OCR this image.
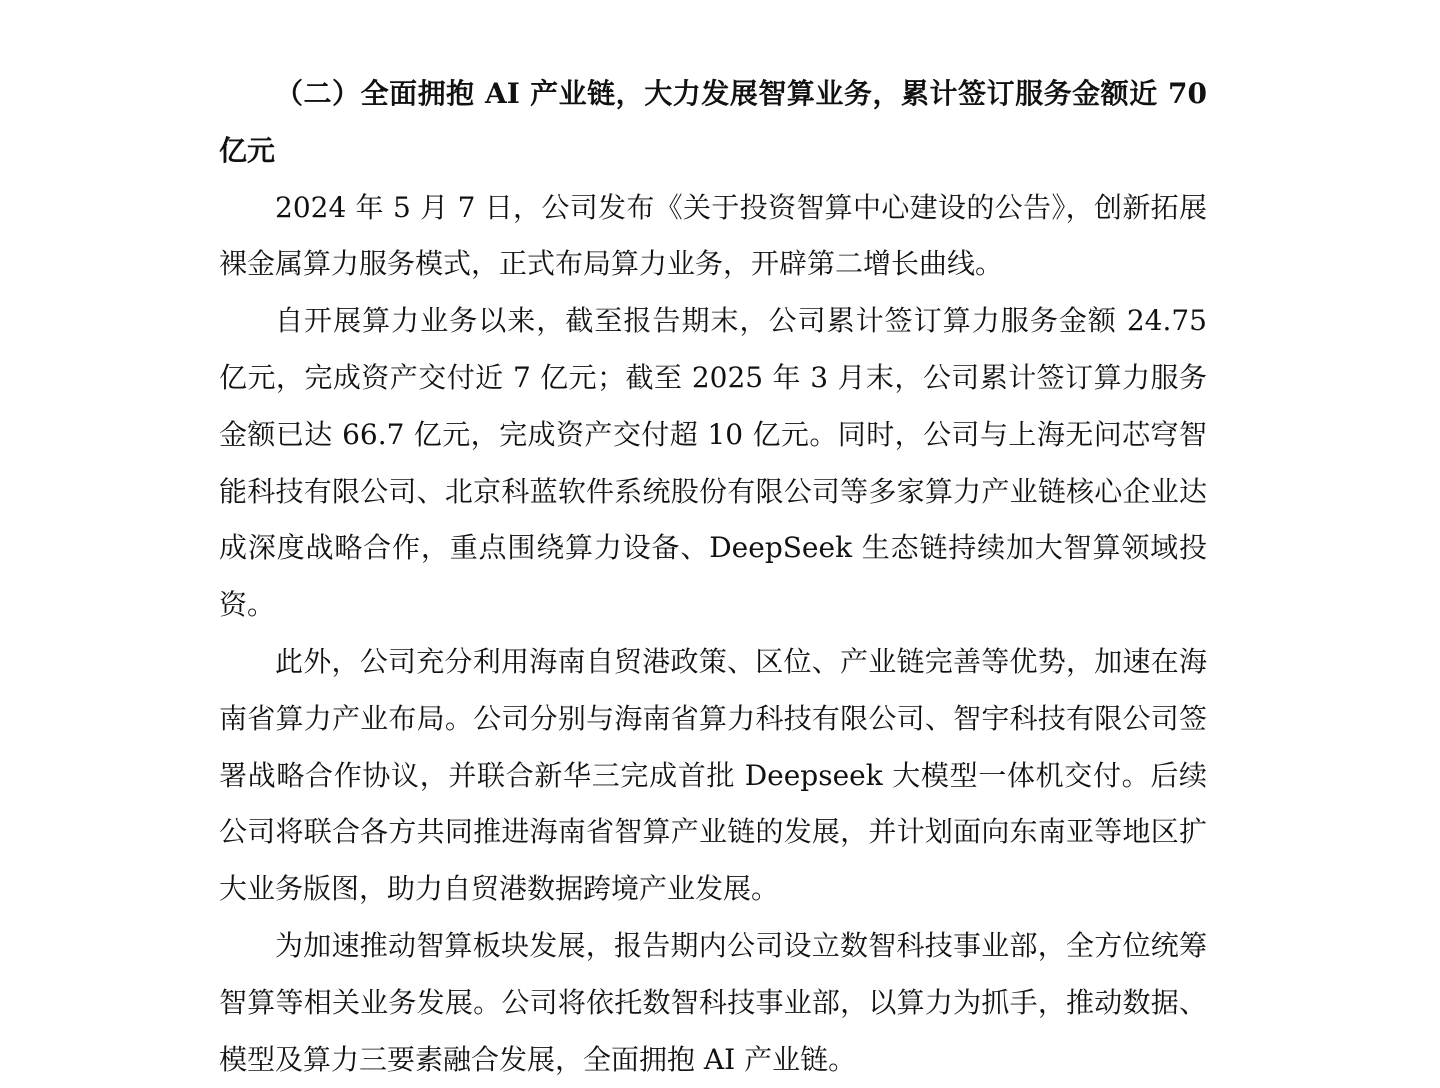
（二）全面拥抱 AI 产业链，大力发展智算业务，累计签订服务金额近 70 亿元

2024 年 5 月 7 日，公司发布《关于投资智算中心建设的公告》，创新拓展裸金属算力服务模式，正式布局算力业务，开辟第二增长曲线。

自开展算力业务以来，截至报告期末，公司累计签订算力服务金额 24.75 亿元，完成资产交付近 7 亿元；截至 2025 年 3 月末，公司累计签订算力服务金额已达 66.7 亿元，完成资产交付超 10 亿元。同时，公司与上海无问芯穹智能科技有限公司、北京科蓝软件系统股份有限公司等多家算力产业链核心企业达成深度战略合作，重点围绕算力设备、DeepSeek 生态链持续加大智算领域投资。

此外，公司充分利用海南自贸港政策、区位、产业链完善等优势，加速在海南省算力产业布局。公司分别与海南省算力科技有限公司、智宇科技有限公司签署战略合作协议，并联合新华三完成首批 Deepseek 大模型一体机交付。后续公司将联合各方共同推进海南省智算产业链的发展，并计划面向东南亚等地区扩大业务版图，助力自贸港数据跨境产业发展。

为加速推动智算板块发展，报告期内公司设立数智科技事业部，全方位统筹智算等相关业务发展。公司将依托数智科技事业部，以算力为抓手，推动数据、模型及算力三要素融合发展，全面拥抱 AI 产业链。
